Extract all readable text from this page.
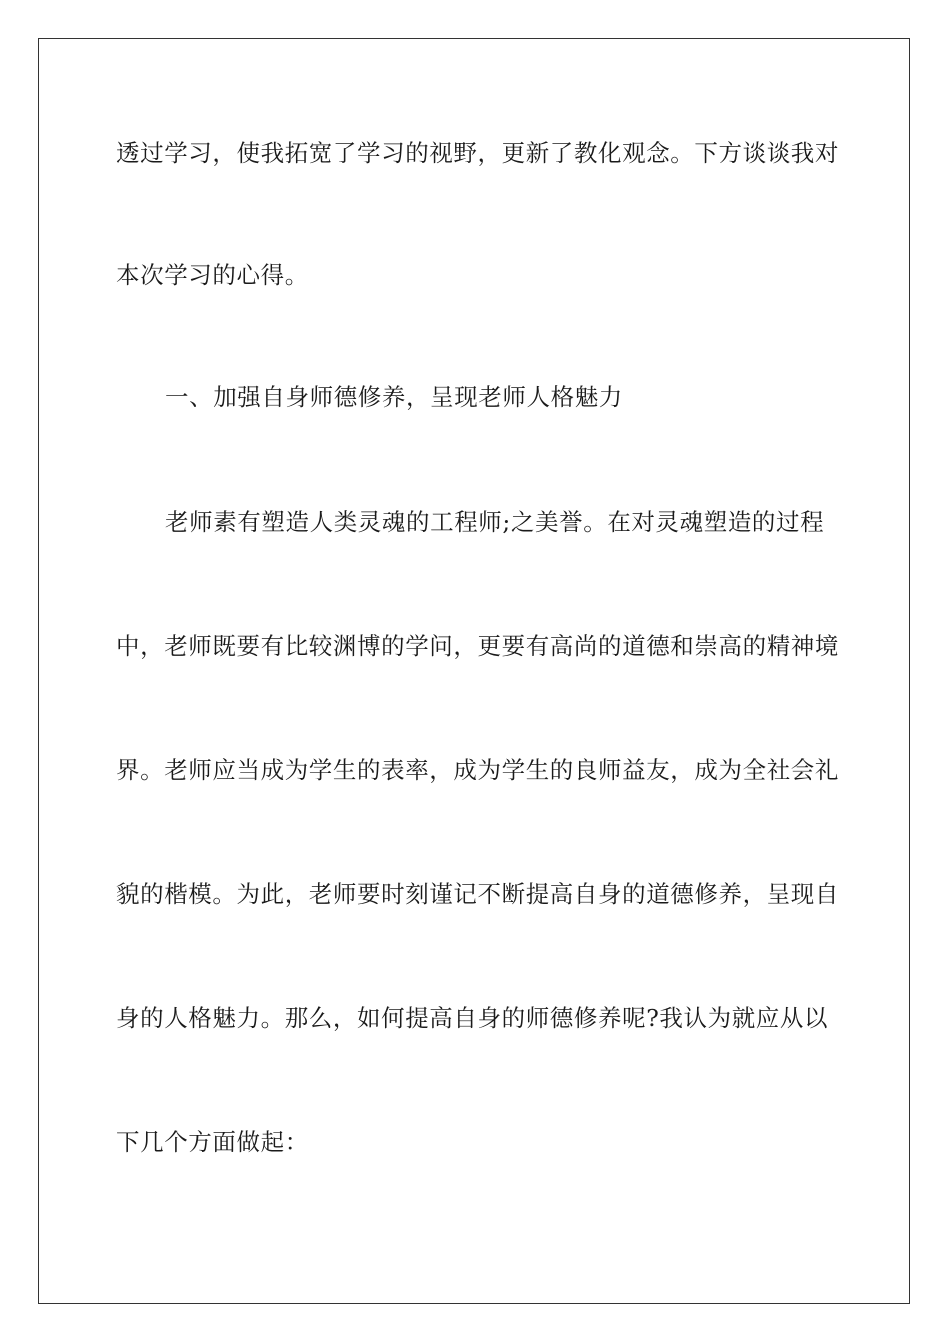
透过学习，使我拓宽了学习的视野，更新了教化观念。下方谈谈我对
本次学习的心得。
一、加强自身师德修养，呈现老师人格魅力
老师素有塑造人类灵魂的工程师;之美誉。在对灵魂塑造的过程
中，老师既要有比较渊博的学问，更要有高尚的道德和崇高的精神境
界。老师应当成为学生的表率，成为学生的良师益友，成为全社会礼
貌的楷模。为此，老师要时刻谨记不断提高自身的道德修养，呈现自
身的人格魅力。那么，如何提高自身的师德修养呢?我认为就应从以
下几个方面做起：
